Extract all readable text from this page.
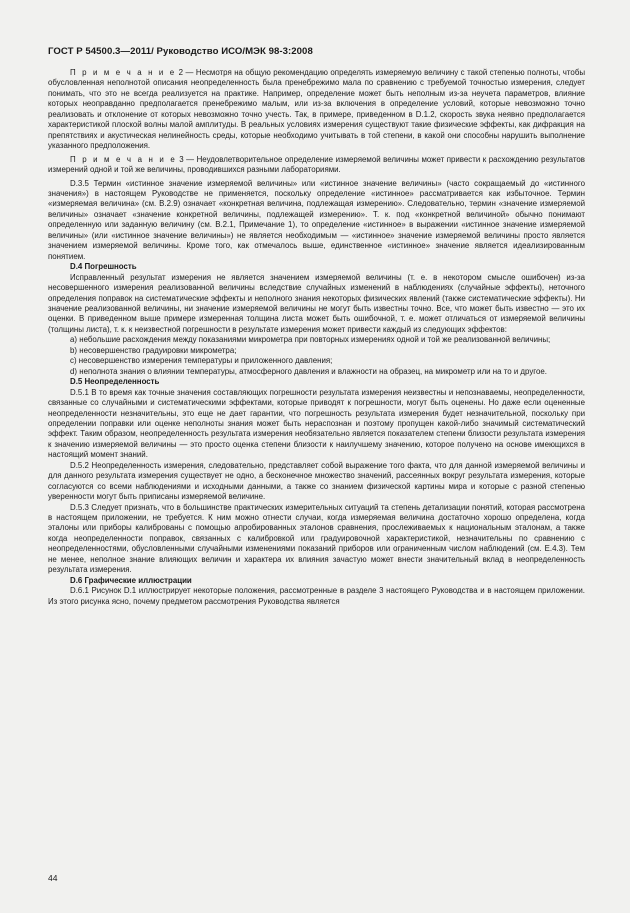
ГОСТ Р 54500.3—2011/ Руководство ИСО/МЭК 98-3:2008

П р и м е ч а н и е 2 — Несмотря на общую рекомендацию определять измеряемую величину с такой степенью полноты, чтобы обусловленная неполнотой описания неопределенность была пренебрежимо мала по сравнению с требуемой точностью измерения, следует понимать, что это не всегда реализуется на практике. Например, определение может быть неполным из-за неучета параметров, влияние которых неоправданно предполагается пренебрежимо малым, или из-за включения в определение условий, которые невозможно точно реализовать и отклонение от которых невозможно точно учесть. Так, в примере, приведенном в D.1.2, скорость звука неявно предполагается характеристикой плоской волны малой амплитуды. В реальных условиях измерения существуют такие физические эффекты, как дифракция на препятствиях и акустическая нелинейность среды, которые необходимо учитывать в той степени, в какой они способны нарушить выполнение указанного предположения.

П р и м е ч а н и е 3 — Неудовлетворительное определение измеряемой величины может привести к расхождению результатов измерений одной и той же величины, проводившихся разными лабораториями.

D.3.5 Термин «истинное значение измеряемой величины» или «истинное значение величины» (часто сокращаемый до «истинного значения») в настоящем Руководстве не применяется, поскольку определение «истинное» рассматривается как избыточное. Термин «измеряемая величина» (см. B.2.9) означает «конкретная величина, подлежащая измерению». Следовательно, термин «значение измеряемой величины» означает «значение конкретной величины, подлежащей измерению». Т. к. под «конкретной величиной» обычно понимают определенную или заданную величину (см. B.2.1, Примечание 1), то определение «истинное» в выражении «истинное значение измеряемой величины» (или «истинное значение величины») не является необходимым — «истинное» значение измеряемой величины просто является значением измеряемой величины. Кроме того, как отмечалось выше, единственное «истинное» значение является идеализированным понятием.

D.4 Погрешность

Исправленный результат измерения не является значением измеряемой величины (т. е. в некотором смысле ошибочен) из-за несовершенного измерения реализованной величины вследствие случайных изменений в наблюдениях (случайные эффекты), неточного определения поправок на систематические эффекты и неполного знания некоторых физических явлений (также систематические эффекты). Ни значение реализованной величины, ни значение измеряемой величины не могут быть известны точно. Все, что может быть известно — это их оценки. В приведенном выше примере измеренная толщина листа может быть ошибочной, т. е. может отличаться от измеряемой величины (толщины листа), т. к. к неизвестной погрешности в результате измерения может привести каждый из следующих эффектов:

a) небольшие расхождения между показаниями микрометра при повторных измерениях одной и той же реализованной величины;

b) несовершенство градуировки микрометра;

c) несовершенство измерения температуры и приложенного давления;

d) неполнота знания о влиянии температуры, атмосферного давления и влажности на образец, на микрометр или на то и другое.

D.5 Неопределенность

D.5.1 В то время как точные значения составляющих погрешности результата измерения неизвестны и непознаваемы, неопределенности, связанные со случайными и систематическими эффектами, которые приводят к погрешности, могут быть оценены. Но даже если оцененные неопределенности незначительны, это еще не дает гарантии, что погрешность результата измерения будет незначительной, поскольку при определении поправки или оценке неполноты знания может быть нераспознан и поэтому пропущен какой-либо значимый систематический эффект. Таким образом, неопределенность результата измерения необязательно является показателем степени близости результата измерения к значению измеряемой величины — это просто оценка степени близости к наилучшему значению, которое получено на основе имеющихся в настоящий момент знаний.

D.5.2 Неопределенность измерения, следовательно, представляет собой выражение того факта, что для данной измеряемой величины и для данного результата измерения существует не одно, а бесконечное множество значений, рассеянных вокруг результата измерения, которые согласуются со всеми наблюдениями и исходными данными, а также со знанием физической картины мира и которые с разной степенью уверенности могут быть приписаны измеряемой величине.

D.5.3 Следует признать, что в большинстве практических измерительных ситуаций та степень детализации понятий, которая рассмотрена в настоящем приложении, не требуется. К ним можно отнести случаи, когда измеряемая величина достаточно хорошо определена, когда эталоны или приборы калиброваны с помощью апробированных эталонов сравнения, прослеживаемых к национальным эталонам, а также когда неопределенности поправок, связанных с калибровкой или градуировочной характеристикой, незначительны по сравнению с неопределенностями, обусловленными случайными изменениями показаний приборов или ограниченным числом наблюдений (см. E.4.3). Тем не менее, неполное знание влияющих величин и характера их влияния зачастую может внести значительный вклад в неопределенность результата измерения.

D.6 Графические иллюстрации

D.6.1 Рисунок D.1 иллюстрирует некоторые положения, рассмотренные в разделе 3 настоящего Руководства и в настоящем приложении. Из этого рисунка ясно, почему предметом рассмотрения Руководства является

44
